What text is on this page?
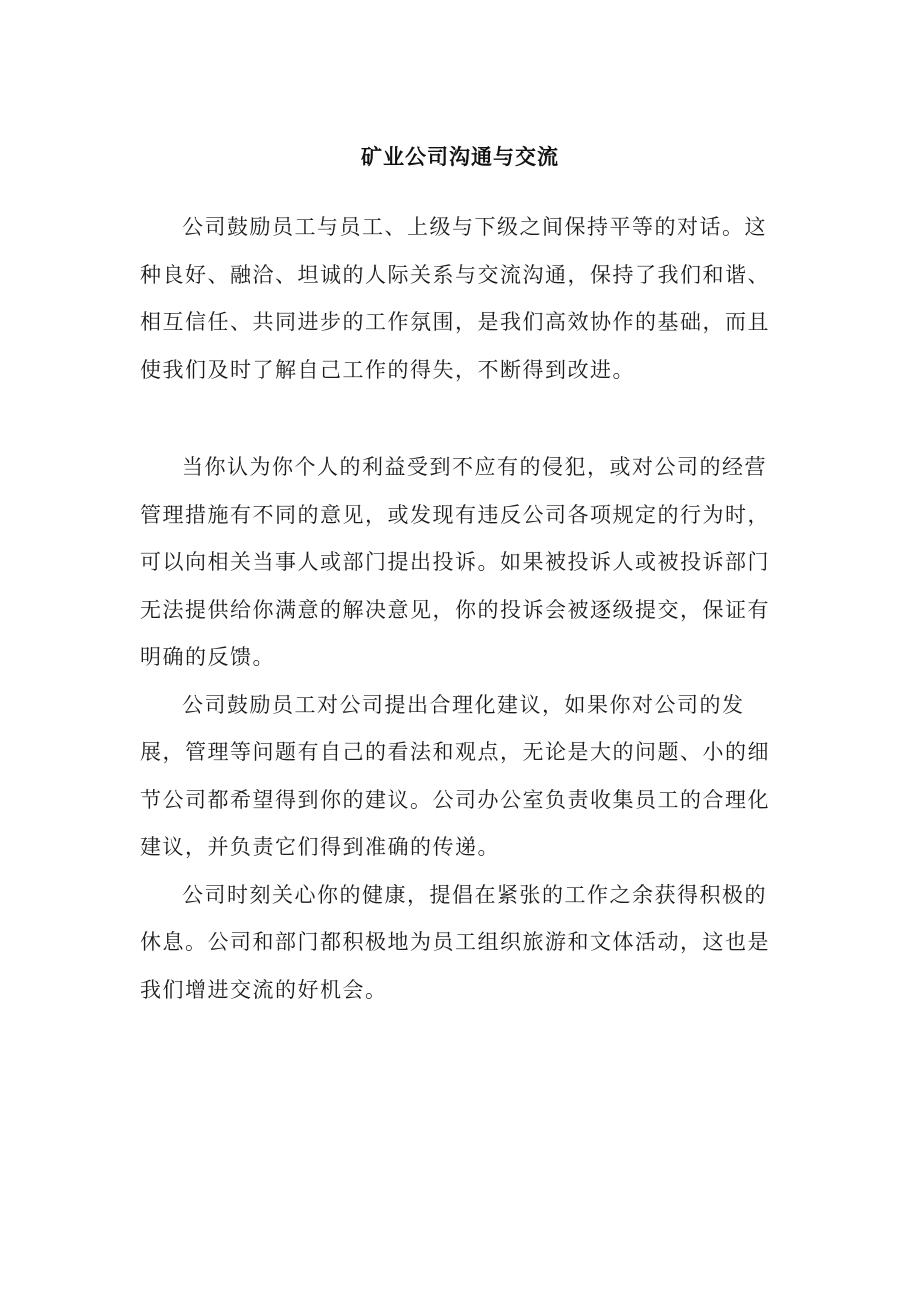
矿业公司沟通与交流

公司鼓励员工与员工、上级与下级之间保持平等的对话。这种良好、融洽、坦诚的人际关系与交流沟通，保持了我们和谐、相互信任、共同进步的工作氛围，是我们高效协作的基础，而且使我们及时了解自己工作的得失，不断得到改进。

当你认为你个人的利益受到不应有的侵犯，或对公司的经营管理措施有不同的意见，或发现有违反公司各项规定的行为时，可以向相关当事人或部门提出投诉。如果被投诉人或被投诉部门无法提供给你满意的解决意见，你的投诉会被逐级提交，保证有明确的反馈。

公司鼓励员工对公司提出合理化建议，如果你对公司的发展，管理等问题有自己的看法和观点，无论是大的问题、小的细节公司都希望得到你的建议。公司办公室负责收集员工的合理化建议，并负责它们得到准确的传递。

公司时刻关心你的健康，提倡在紧张的工作之余获得积极的休息。公司和部门都积极地为员工组织旅游和文体活动，这也是我们增进交流的好机会。
